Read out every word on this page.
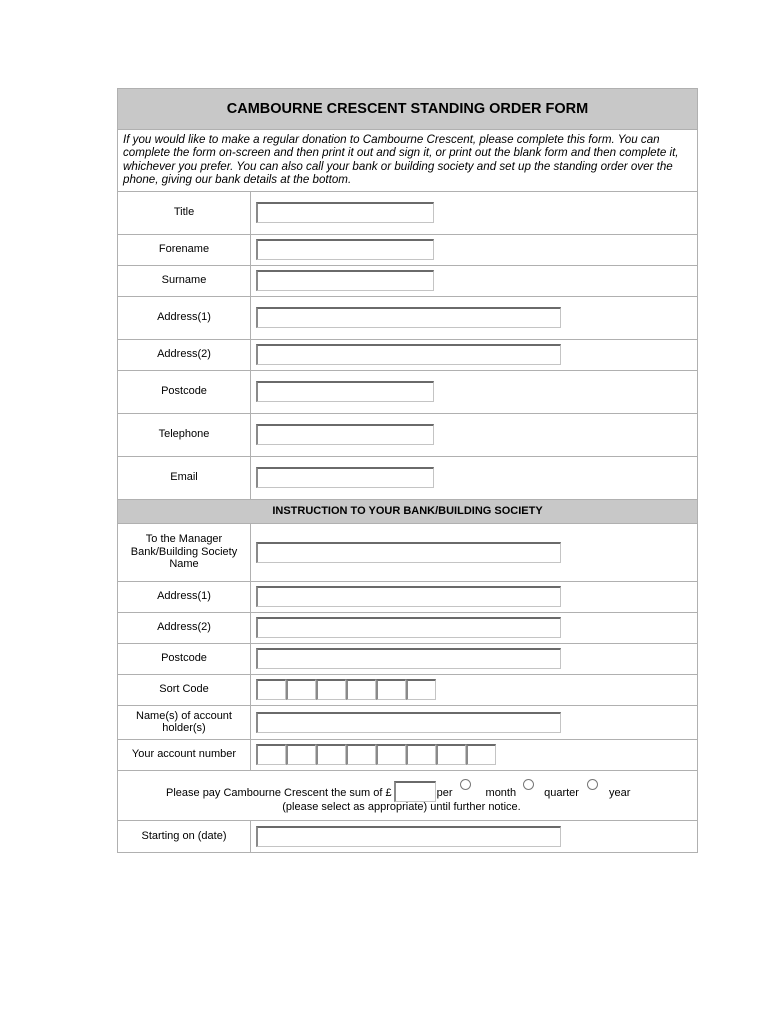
CAMBOURNE CRESCENT STANDING ORDER FORM
If you would like to make a regular donation to Cambourne Crescent, please complete this form. You can complete the form on-screen and then print it out and sign it, or print out the blank form and then complete it, whichever you prefer. You can also call your bank or building society and set up the standing order over the phone, giving our bank details at the bottom.
Title
Forename
Surname
Address(1)
Address(2)
Postcode
Telephone
Email
INSTRUCTION TO YOUR BANK/BUILDING SOCIETY
To the Manager Bank/Building Society Name
Address(1)
Address(2)
Postcode
Sort Code
Name(s) of account holder(s)
Your account number
Please pay Cambourne Crescent the sum of £	per	month	quarter	year
(please select as appropriate) until further notice.
Starting on (date)
